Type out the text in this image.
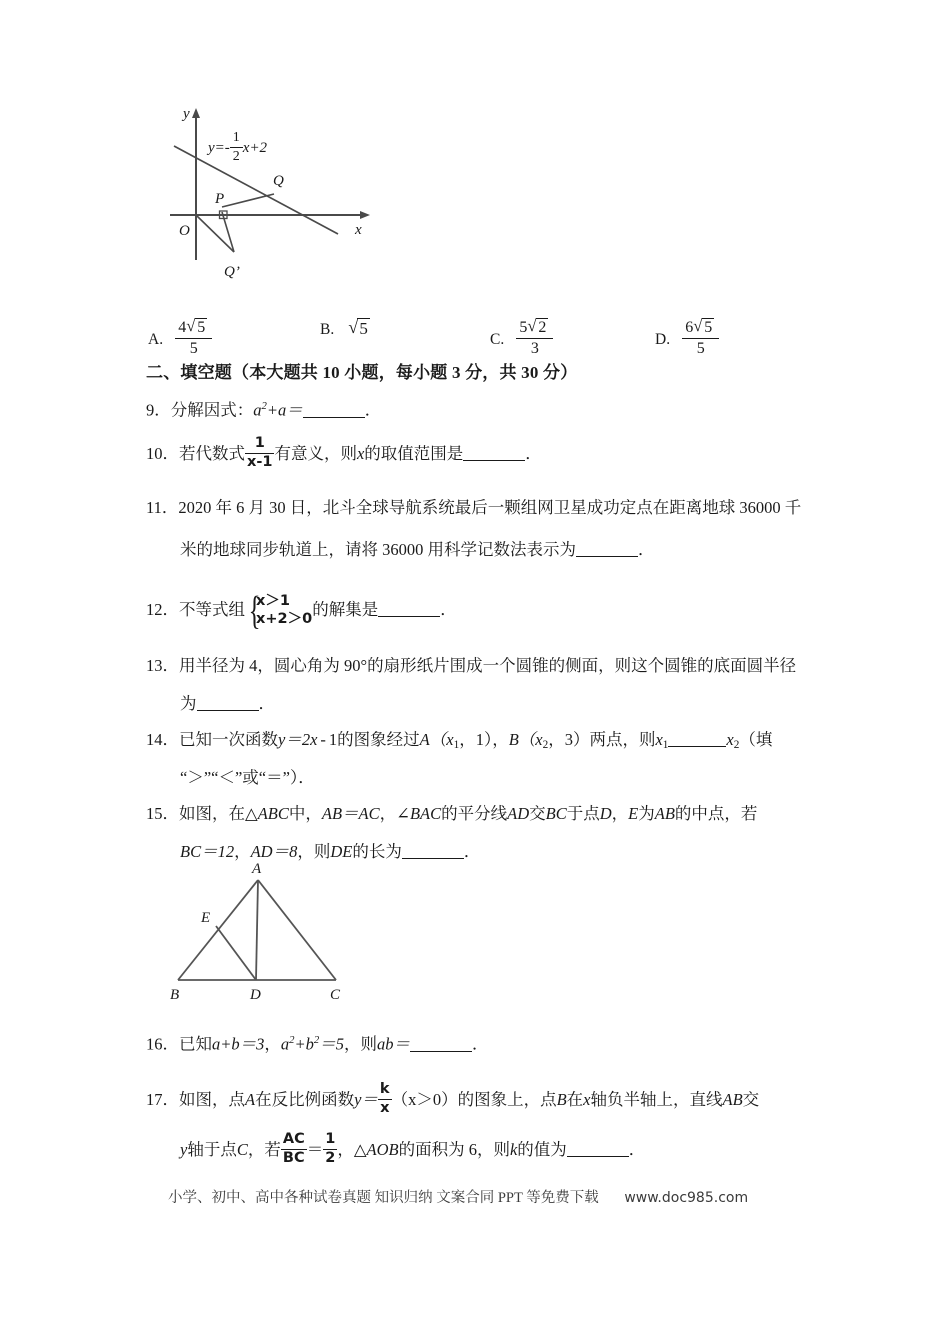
y
x
O
P
Q
Q’
$y=- \frac{1}{2} x+2$
A. $\frac{4 √ 5}{5}$	B. √ 5
C. $\frac{5 √ 2}{3}$	D. $\frac{6 √ 5}{5}$
二、填空题（本大题共 10 小题，每小题 3 分，共 30 分）
9．分解因式：$a^2+a=$	．
10．若代数式 $\frac{1}{x-1}$ 有意义，则x的取值范围是	．
11．2020 年 6 月 30 日，北斗全球导航系统最后一颗组网卫星成功定点在距离地球 36000 千
米的地球同步轨道上，请将 36000 用科学记数法表示为	．
12．不等式组 {
x＞1
x+2＞0 的解集是	．
13．用半径为 4，圆心角为 90°的扇形纸片围成一个圆锥的侧面，则这个圆锥的底面圆半径
为	．
14．已知一次函数y＝2x - 1的图象经过$A(x_1$，1），$B(x_2$，3）两点，则$x_1$	$x_2$（填
“＞”“＜”或“＝”）．
15．如图，在△ABC中，AB＝AC，∠BAC的平分线AD交BC于点D，E为AB的中点，若
BC＝12，AD＝8，则DE的长为	．
A
E
B	D	C
16．已知a+b＝3，$a^2+b^2=5$，则ab＝	．
17．如图，点A在反比例函数$y= \frac{k}{x} (x>0)$的图象上，点B在x轴负半轴上，直线AB交
y轴于点C，若 $\frac{AC}{BC} = \frac{1}{2}$ ，△AOB的面积为 6，则k的值为	．
小学、初中、高中各种试卷真题 知识归纳 文案合同 PPT 等免费下载 www.doc985.com
